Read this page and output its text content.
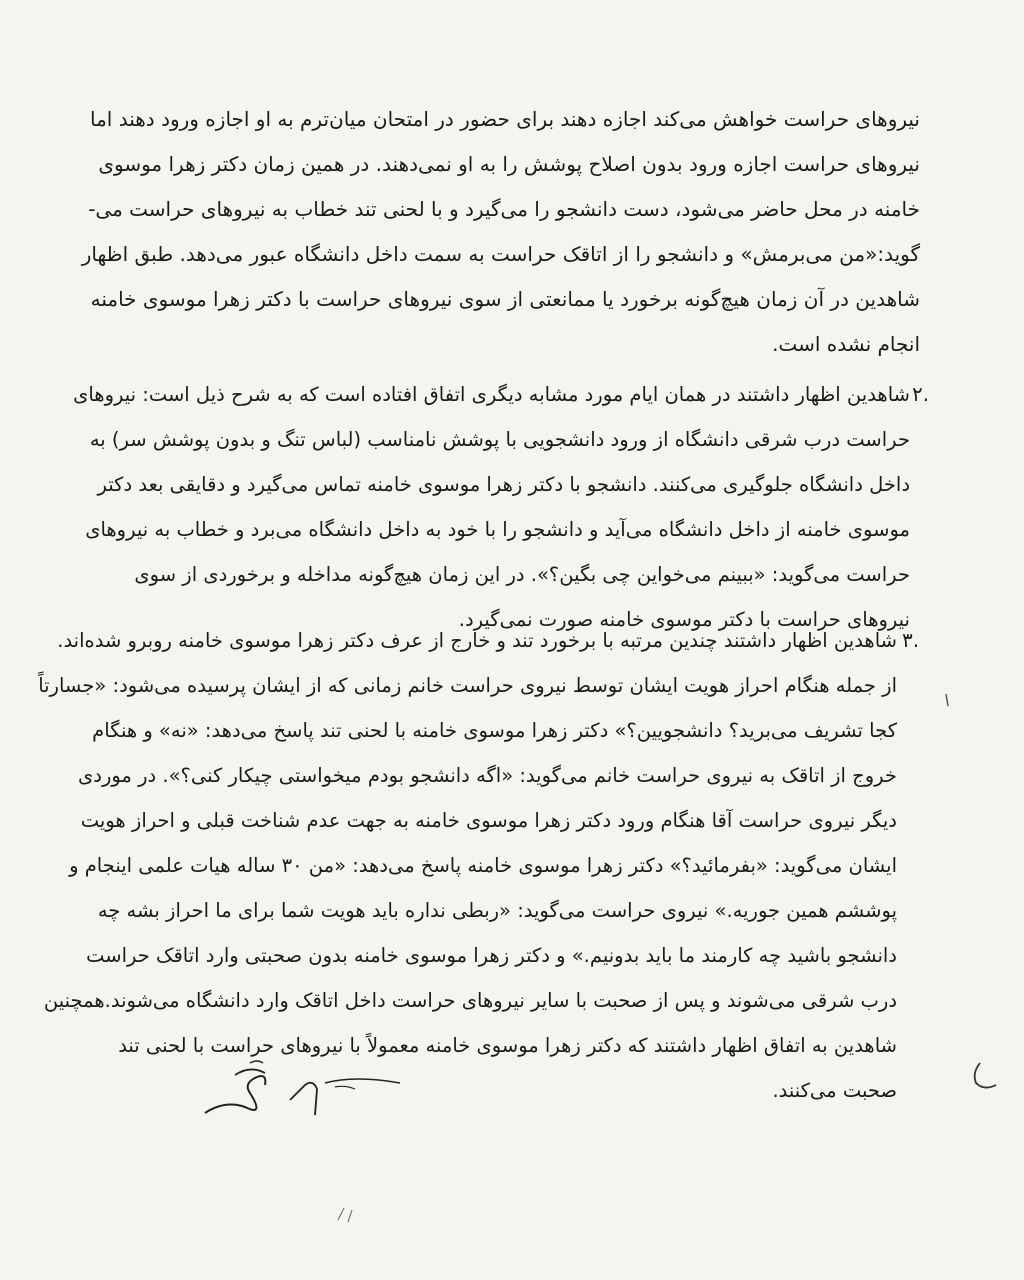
نیروهای حراست خواهش می‌کند اجازه دهند برای حضور در امتحان میان‌ترم به او اجازه ورود دهند اما
نیروهای حراست اجازه ورود بدون اصلاح پوشش را به او نمی‌دهند. در همین زمان دکتر زهرا موسوی
خامنه در محل حاضر می‌شود، دست دانشجو را می‌گیرد و با لحنی تند خطاب به نیروهای حراست می-
گوید:«من می‌برمش» و دانشجو را از اتاقک حراست به سمت داخل دانشگاه عبور می‌دهد. طبق اظهار
شاهدین در آن زمان هیچ‌گونه برخورد یا ممانعتی از سوی نیروهای حراست با دکتر زهرا موسوی خامنه
انجام نشده است.
۲.
شاهدین اظهار داشتند در همان ایام مورد مشابه دیگری اتفاق افتاده است که به شرح ذیل است: نیروهای
حراست درب شرقی دانشگاه از ورود دانشجویی با پوشش نامناسب (لباس تنگ و بدون پوشش سر) به
داخل دانشگاه جلوگیری می‌کنند. دانشجو با دکتر زهرا موسوی خامنه تماس می‌گیرد و دقایقی بعد دکتر
موسوی خامنه از داخل دانشگاه می‌آید و دانشجو را با خود به داخل دانشگاه می‌برد و خطاب به نیروهای
حراست می‌گوید: «ببینم می‌خواین چی بگین؟». در این زمان هیچ‌گونه مداخله و برخوردی از سوی
نیروهای حراست با دکتر موسوی خامنه صورت نمی‌گیرد.
۳.
شاهدین اظهار داشتند چندین مرتبه با برخورد تند و خارج از عرف دکتر زهرا موسوی خامنه روبرو شده‌اند.
از جمله هنگام احراز هویت ایشان توسط نیروی حراست خانم زمانی که از ایشان پرسیده می‌شود: «جسارتاً
کجا تشریف می‌برید؟ دانشجویین؟» دکتر زهرا موسوی خامنه با لحنی تند پاسخ می‌دهد: «نه» و هنگام
خروج از اتاقک به نیروی حراست خانم می‌گوید: «اگه دانشجو بودم میخواستی چیکار کنی؟». در موردی
دیگر نیروی حراست آقا هنگام ورود دکتر زهرا موسوی خامنه به جهت عدم شناخت قبلی و احراز هویت
ایشان می‌گوید: «بفرمائید؟» دکتر زهرا موسوی خامنه پاسخ می‌دهد: «من ۳۰ ساله هیات علمی اینجام و
پوششم همین جوریه.» نیروی حراست می‌گوید: «ربطی نداره باید هویت شما برای ما احراز بشه چه
دانشجو باشید چه کارمند ما باید بدونیم.» و دکتر زهرا موسوی خامنه بدون صحبتی وارد اتاقک حراست
درب شرقی می‌شوند و پس از صحبت با سایر نیروهای حراست داخل اتاقک وارد دانشگاه می‌شوند.همچنین
شاهدین به اتفاق اظهار داشتند که دکتر زهرا موسوی خامنه معمولاً با نیروهای حراست با لحنی تند
صحبت می‌کنند.
